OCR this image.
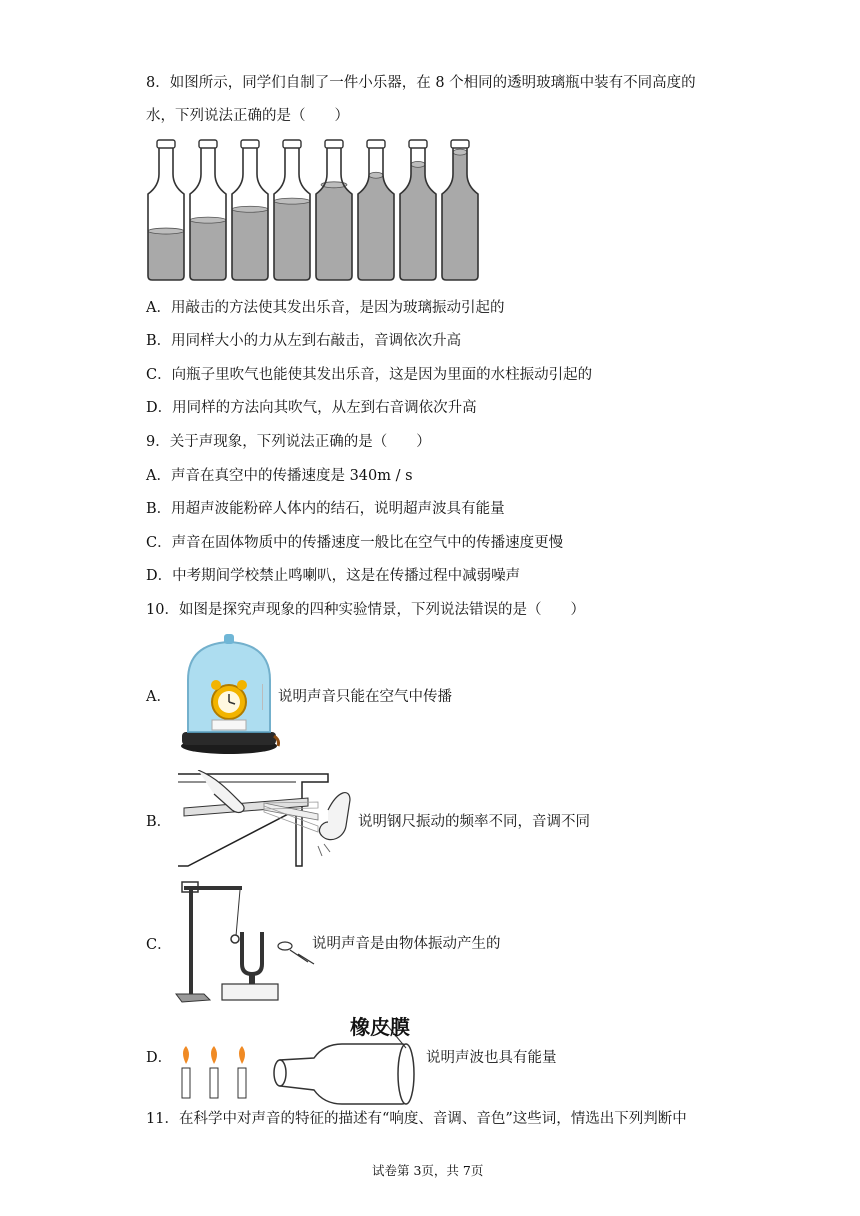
8．如图所示，同学们自制了一件小乐器，在 8 个相同的透明玻璃瓶中装有不同高度的
水，下列说法正确的是（　　）
A．用敲击的方法使其发出乐音，是因为玻璃振动引起的
B．用同样大小的力从左到右敲击，音调依次升高
C．向瓶子里吹气也能使其发出乐音，这是因为里面的水柱振动引起的
D．用同样的方法向其吹气，从左到右音调依次升高
9．关于声现象，下列说法正确的是（　　）
A．声音在真空中的传播速度是 340m / s
B．用超声波能粉碎人体内的结石，说明超声波具有能量
C．声音在固体物质中的传播速度一般比在空气中的传播速度更慢
D．中考期间学校禁止鸣喇叭，这是在传播过程中减弱噪声
10．如图是探究声现象的四种实验情景，下列说法错误的是（　　）
A．	说明声音只能在空气中传播
B．	说明钢尺振动的频率不同，音调不同
C．	说明声音是由物体振动产生的
D．
橡皮膜
说明声波也具有能量
11．在科学中对声音的特征的描述有“响度、音调、音色”这些词，情选出下列判断中
试卷第 3页，共 7页
